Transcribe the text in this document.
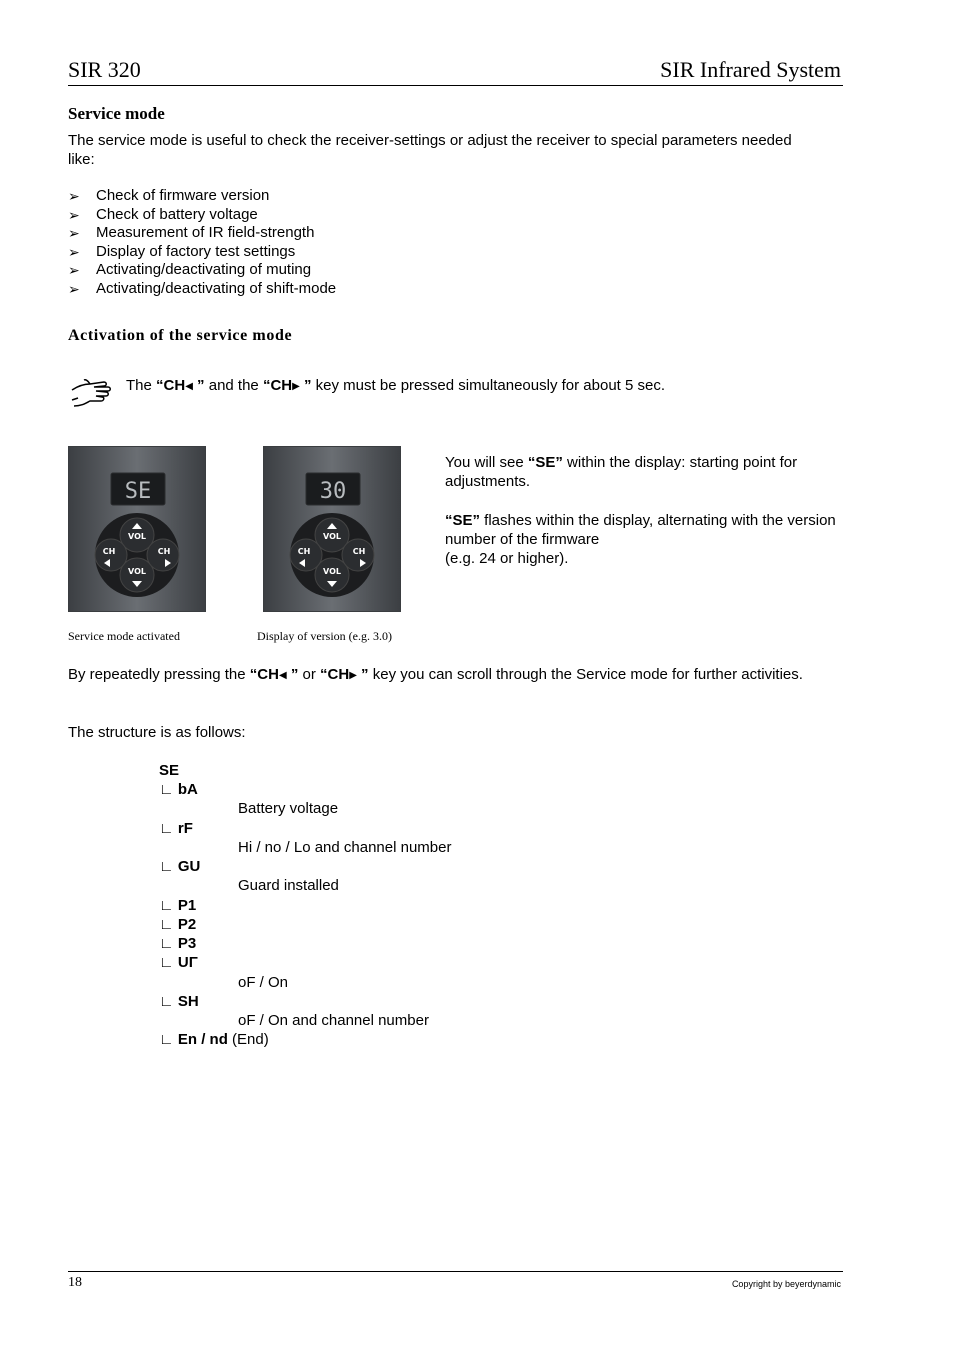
SIR 320	SIR Infrared System
Service mode
The service mode is useful to check the receiver-settings or adjust the receiver to special parameters needed like:
➢ Check of firmware version
➢ Check of battery voltage
➢ Measurement of IR field-strength
➢ Display of factory test settings
➢ Activating/deactivating of muting
➢ Activating/deactivating of shift-mode
Activation of the service mode
The “CH◀ ” and the “CH▶ ” key must be pressed simultaneously for about 5 sec.
SE
VOL
VOL
CH	CH
30
VOL
VOL
CH	CH
Service mode activated	Display of version (e.g. 3.0)
You will see “SE” within the display: starting point for adjustments.
“SE” flashes within the display, alternating with the version number of the firmware
(e.g. 24 or higher).
By repeatedly pressing the “CH◀ ” or “CH▶ ” key you can scroll through the Service mode for further activities.
The structure is as follows:
SE
∟ bA
Battery voltage
∟ rF
Hi / no / Lo and channel number
∟ GU
Guard installed
∟ P1
∟ P2
∟ P3
∟ UΓ
oF / On
∟ SH
oF / On and channel number
∟ En / nd (End)
18	Copyright by beyerdynamic
